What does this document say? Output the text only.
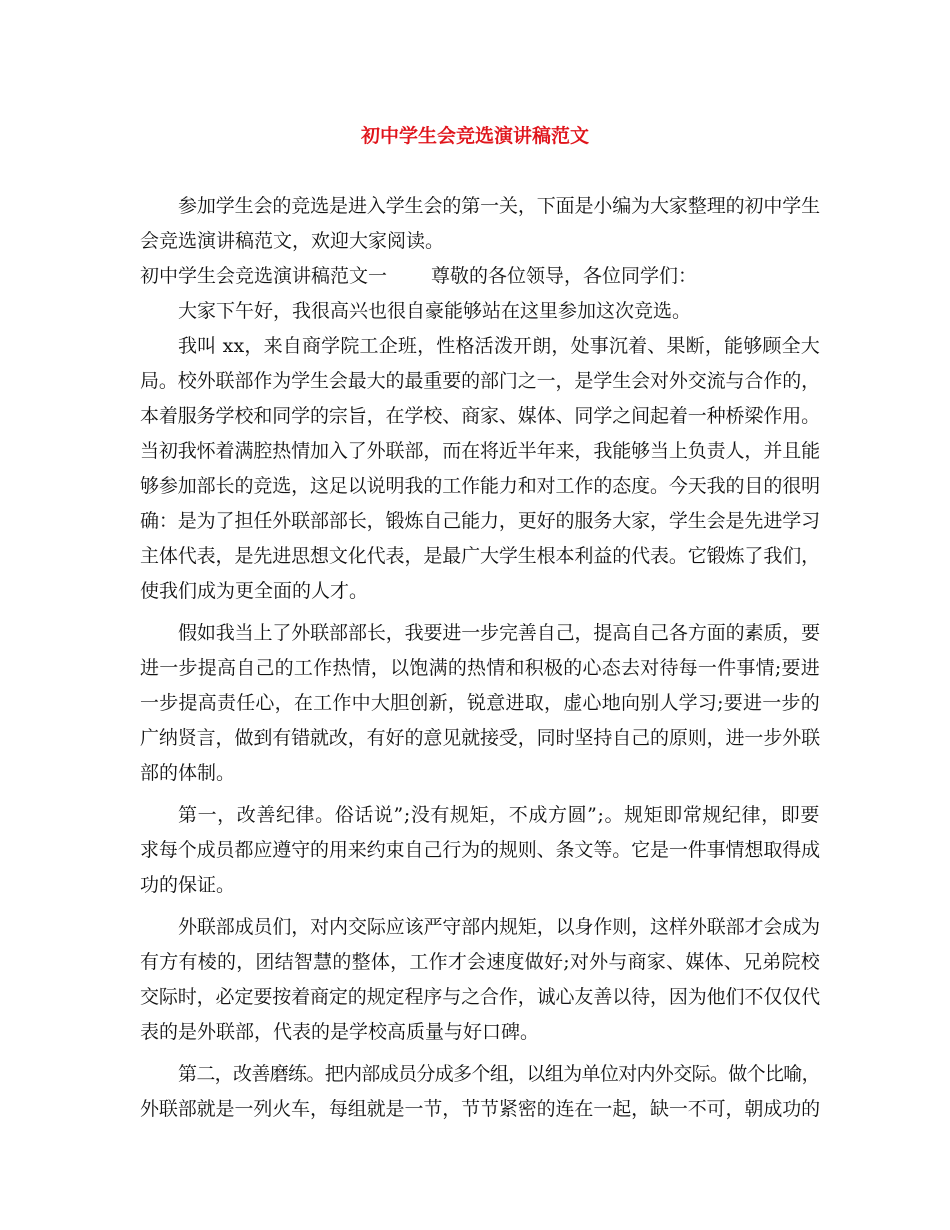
初中学生会竞选演讲稿范文
参加学生会的竞选是进入学生会的第一关，下面是小编为大家整理的初中学生
会竞选演讲稿范文，欢迎大家阅读。
初中学生会竞选演讲稿范文一　　 尊敬的各位领导，各位同学们：
大家下午好，我很高兴也很自豪能够站在这里参加这次竞选。
我叫 xx，来自商学院工企班，性格活泼开朗，处事沉着、果断，能够顾全大
局。校外联部作为学生会最大的最重要的部门之一，是学生会对外交流与合作的，
本着服务学校和同学的宗旨，在学校、商家、媒体、同学之间起着一种桥梁作用。
当初我怀着满腔热情加入了外联部，而在将近半年来，我能够当上负责人，并且能
够参加部长的竞选，这足以说明我的工作能力和对工作的态度。今天我的目的很明
确：是为了担任外联部部长，锻炼自己能力，更好的服务大家，学生会是先进学习
主体代表，是先进思想文化代表，是最广大学生根本利益的代表。它锻炼了我们，
使我们成为更全面的人才。
假如我当上了外联部部长，我要进一步完善自己，提高自己各方面的素质，要
进一步提高自己的工作热情，以饱满的热情和积极的心态去对待每一件事情;要进
一步提高责任心，在工作中大胆创新，锐意进取，虚心地向别人学习;要进一步的
广纳贤言，做到有错就改，有好的意见就接受，同时坚持自己的原则，进一步外联
部的体制。
第一，改善纪律。俗话说”;没有规矩，不成方圆”;。规矩即常规纪律，即要
求每个成员都应遵守的用来约束自己行为的规则、条文等。它是一件事情想取得成
功的保证。
外联部成员们，对内交际应该严守部内规矩，以身作则，这样外联部才会成为
有方有棱的，团结智慧的整体，工作才会速度做好;对外与商家、媒体、兄弟院校
交际时，必定要按着商定的规定程序与之合作，诚心友善以待，因为他们不仅仅代
表的是外联部，代表的是学校高质量与好口碑。
第二，改善磨练。把内部成员分成多个组，以组为单位对内外交际。做个比喻，
外联部就是一列火车，每组就是一节，节节紧密的连在一起，缺一不可，朝成功的
